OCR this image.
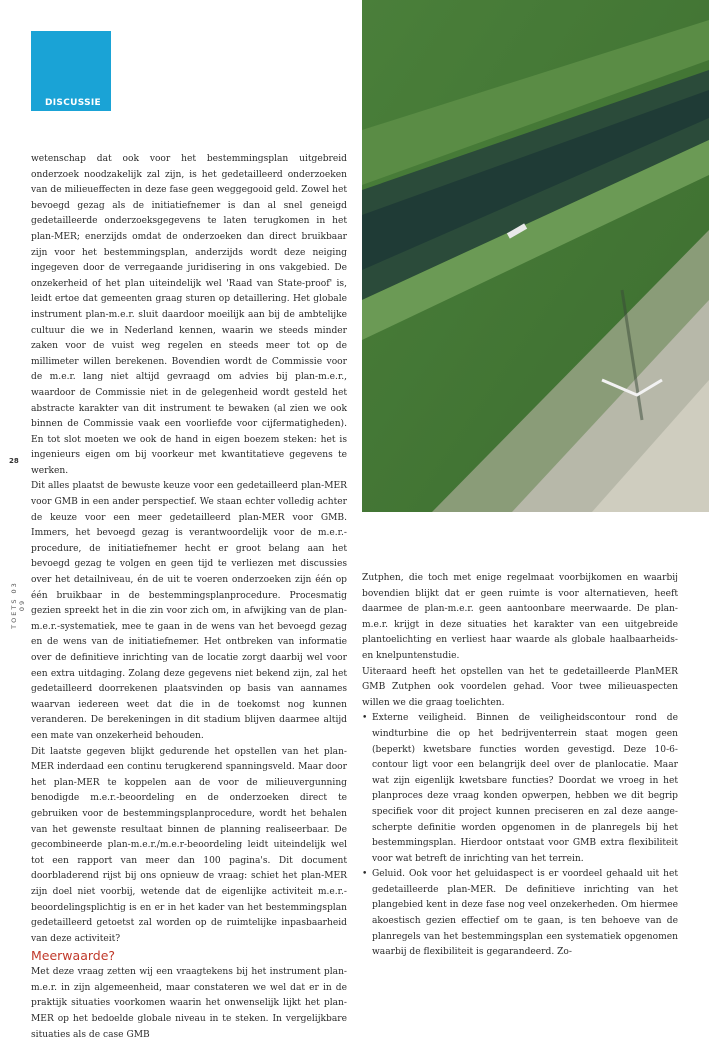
DISCUSSIE
28
TOETS 03 09

wetenschap dat ook voor het bestemmingsplan uitgebreid onderzoek noodzakelijk zal zijn, is het gedetailleerd onderzoeken van de milieueffecten in deze fase geen weggegooid geld. Zowel het bevoegd gezag als de initiatiefnemer is dan al snel geneigd gedetailleerde onderzoeksgegevens te laten terugkomen in het plan-MER; enerzijds omdat de onderzoeken dan direct bruikbaar zijn voor het bestemmingsplan, anderzijds wordt deze neiging ingegeven door de verregaande juridisering in ons vakgebied. De onzekerheid of het plan uiteindelijk wel 'Raad van State-proof' is, leidt ertoe dat gemeenten graag sturen op detaillering. Het globale instrument plan-m.e.r. sluit daardoor moeilijk aan bij de ambtelijke cultuur die we in Nederland kennen, waarin we steeds minder zaken voor de vuist weg regelen en steeds meer tot op de millimeter willen berekenen. Bovendien wordt de Commissie voor de m.e.r. lang niet altijd gevraagd om advies bij plan-m.e.r., waardoor de Commissie niet in de gelegenheid wordt gesteld het abstracte karakter van dit instrument te bewaken (al zien we ook binnen de Commissie vaak een voorliefde voor cijfermatigheden). En tot slot moeten we ook de hand in eigen boezem steken: het is ingenieurs eigen om bij voorkeur met kwantitatieve gegevens te werken.

Dit alles plaatst de bewuste keuze voor een gedetailleerd plan-MER voor GMB in een ander perspectief. We staan echter volledig achter de keuze voor een meer gedetailleerd plan-MER voor GMB. Immers, het bevoegd gezag is verantwoordelijk voor de m.e.r.-procedure, de initiatiefnemer hecht er groot belang aan het bevoegd gezag te volgen en geen tijd te verliezen met discussies over het detailniveau, én de uit te voeren onderzoeken zijn één op één bruikbaar in de bestemmingsplanprocedure. Procesmatig gezien spreekt het in die zin voor zich om, in afwijking van de plan-m.e.r.-systematiek, mee te gaan in de wens van het bevoegd gezag en de wens van de initiatiefnemer. Het ontbreken van informatie over de definitieve inrichting van de locatie zorgt daarbij wel voor een extra uitdaging. Zolang deze gegevens niet bekend zijn, zal het gedetailleerd doorrekenen plaatsvinden op basis van aannames waarvan iedereen weet dat die in de toekomst nog kunnen veranderen. De berekeningen in dit stadium blijven daarmee altijd een mate van onzekerheid behouden.

Dit laatste gegeven blijkt gedurende het opstellen van het plan-MER inderdaad een continu terugkerend spanningsveld. Maar door het plan-MER te koppelen aan de voor de milieuvergunning benodigde m.e.r.-beoordeling en de onderzoeken direct te gebruiken voor de bestemmingsplanprocedure, wordt het behalen van het gewenste resultaat binnen de planning realiseerbaar. De gecombineerde plan-m.e.r./m.e.r-beoordeling leidt uiteindelijk wel tot een rapport van meer dan 100 pagina's. Dit document doorbladerend rijst bij ons opnieuw de vraag: schiet het plan-MER zijn doel niet voorbij, wetende dat de eigenlijke activiteit m.e.r.-beoordelingsplichtig is en er in het kader van het bestemmingsplan gedetailleerd getoetst zal worden op de ruimtelijke inpasbaarheid van deze activiteit?

Meerwaarde?

Met deze vraag zetten wij een vraagtekens bij het instrument plan-m.e.r. in zijn algemeenheid, maar constateren we wel dat er in de praktijk situaties voorkomen waarin het onwenselijk lijkt het plan-MER op het bedoelde globale niveau in te steken. In vergelijkbare situaties als de case GMB

Zutphen, die toch met enige regelmaat voorbijkomen en waarbij bovendien blijkt dat er geen ruimte is voor alternatieven, heeft daarmee de plan-m.e.r. geen aantoonbare meerwaarde. De plan-m.e.r. krijgt in deze situaties het karakter van een uitgebreide plantoelichting en verliest haar waarde als globale haalbaarheids- en knelpuntenstudie.

Uiteraard heeft het opstellen van het te gedetailleerde PlanMER GMB Zutphen ook voordelen gehad. Voor twee milieuaspecten willen we die graag toelichten.

• Externe veiligheid. Binnen de veiligheidscontour rond de windturbine die op het bedrijventerrein staat mogen geen (beperkt) kwetsbare functies worden gevestigd. Deze 10-6-contour ligt voor een belangrijk deel over de planlocatie. Maar wat zijn eigenlijk kwetsbare functies? Doordat we vroeg in het planproces deze vraag konden opwerpen, hebben we dit begrip specifiek voor dit project kunnen preciseren en zal deze aangescherpte definitie worden opgenomen in de planregels bij het bestemmingsplan. Hierdoor ontstaat voor GMB extra flexibiliteit voor wat betreft de inrichting van het terrein.
• Geluid. Ook voor het geluidaspect is er voordeel gehaald uit het gedetailleerde plan-MER. De definitieve inrichting van het plangebied kent in deze fase nog veel onzekerheden. Om hiermee akoestisch gezien effectief om te gaan, is ten behoeve van de planregels van het bestemmingsplan een systematiek opgenomen waarbij de flexibiliteit is gegarandeerd. Zo-
